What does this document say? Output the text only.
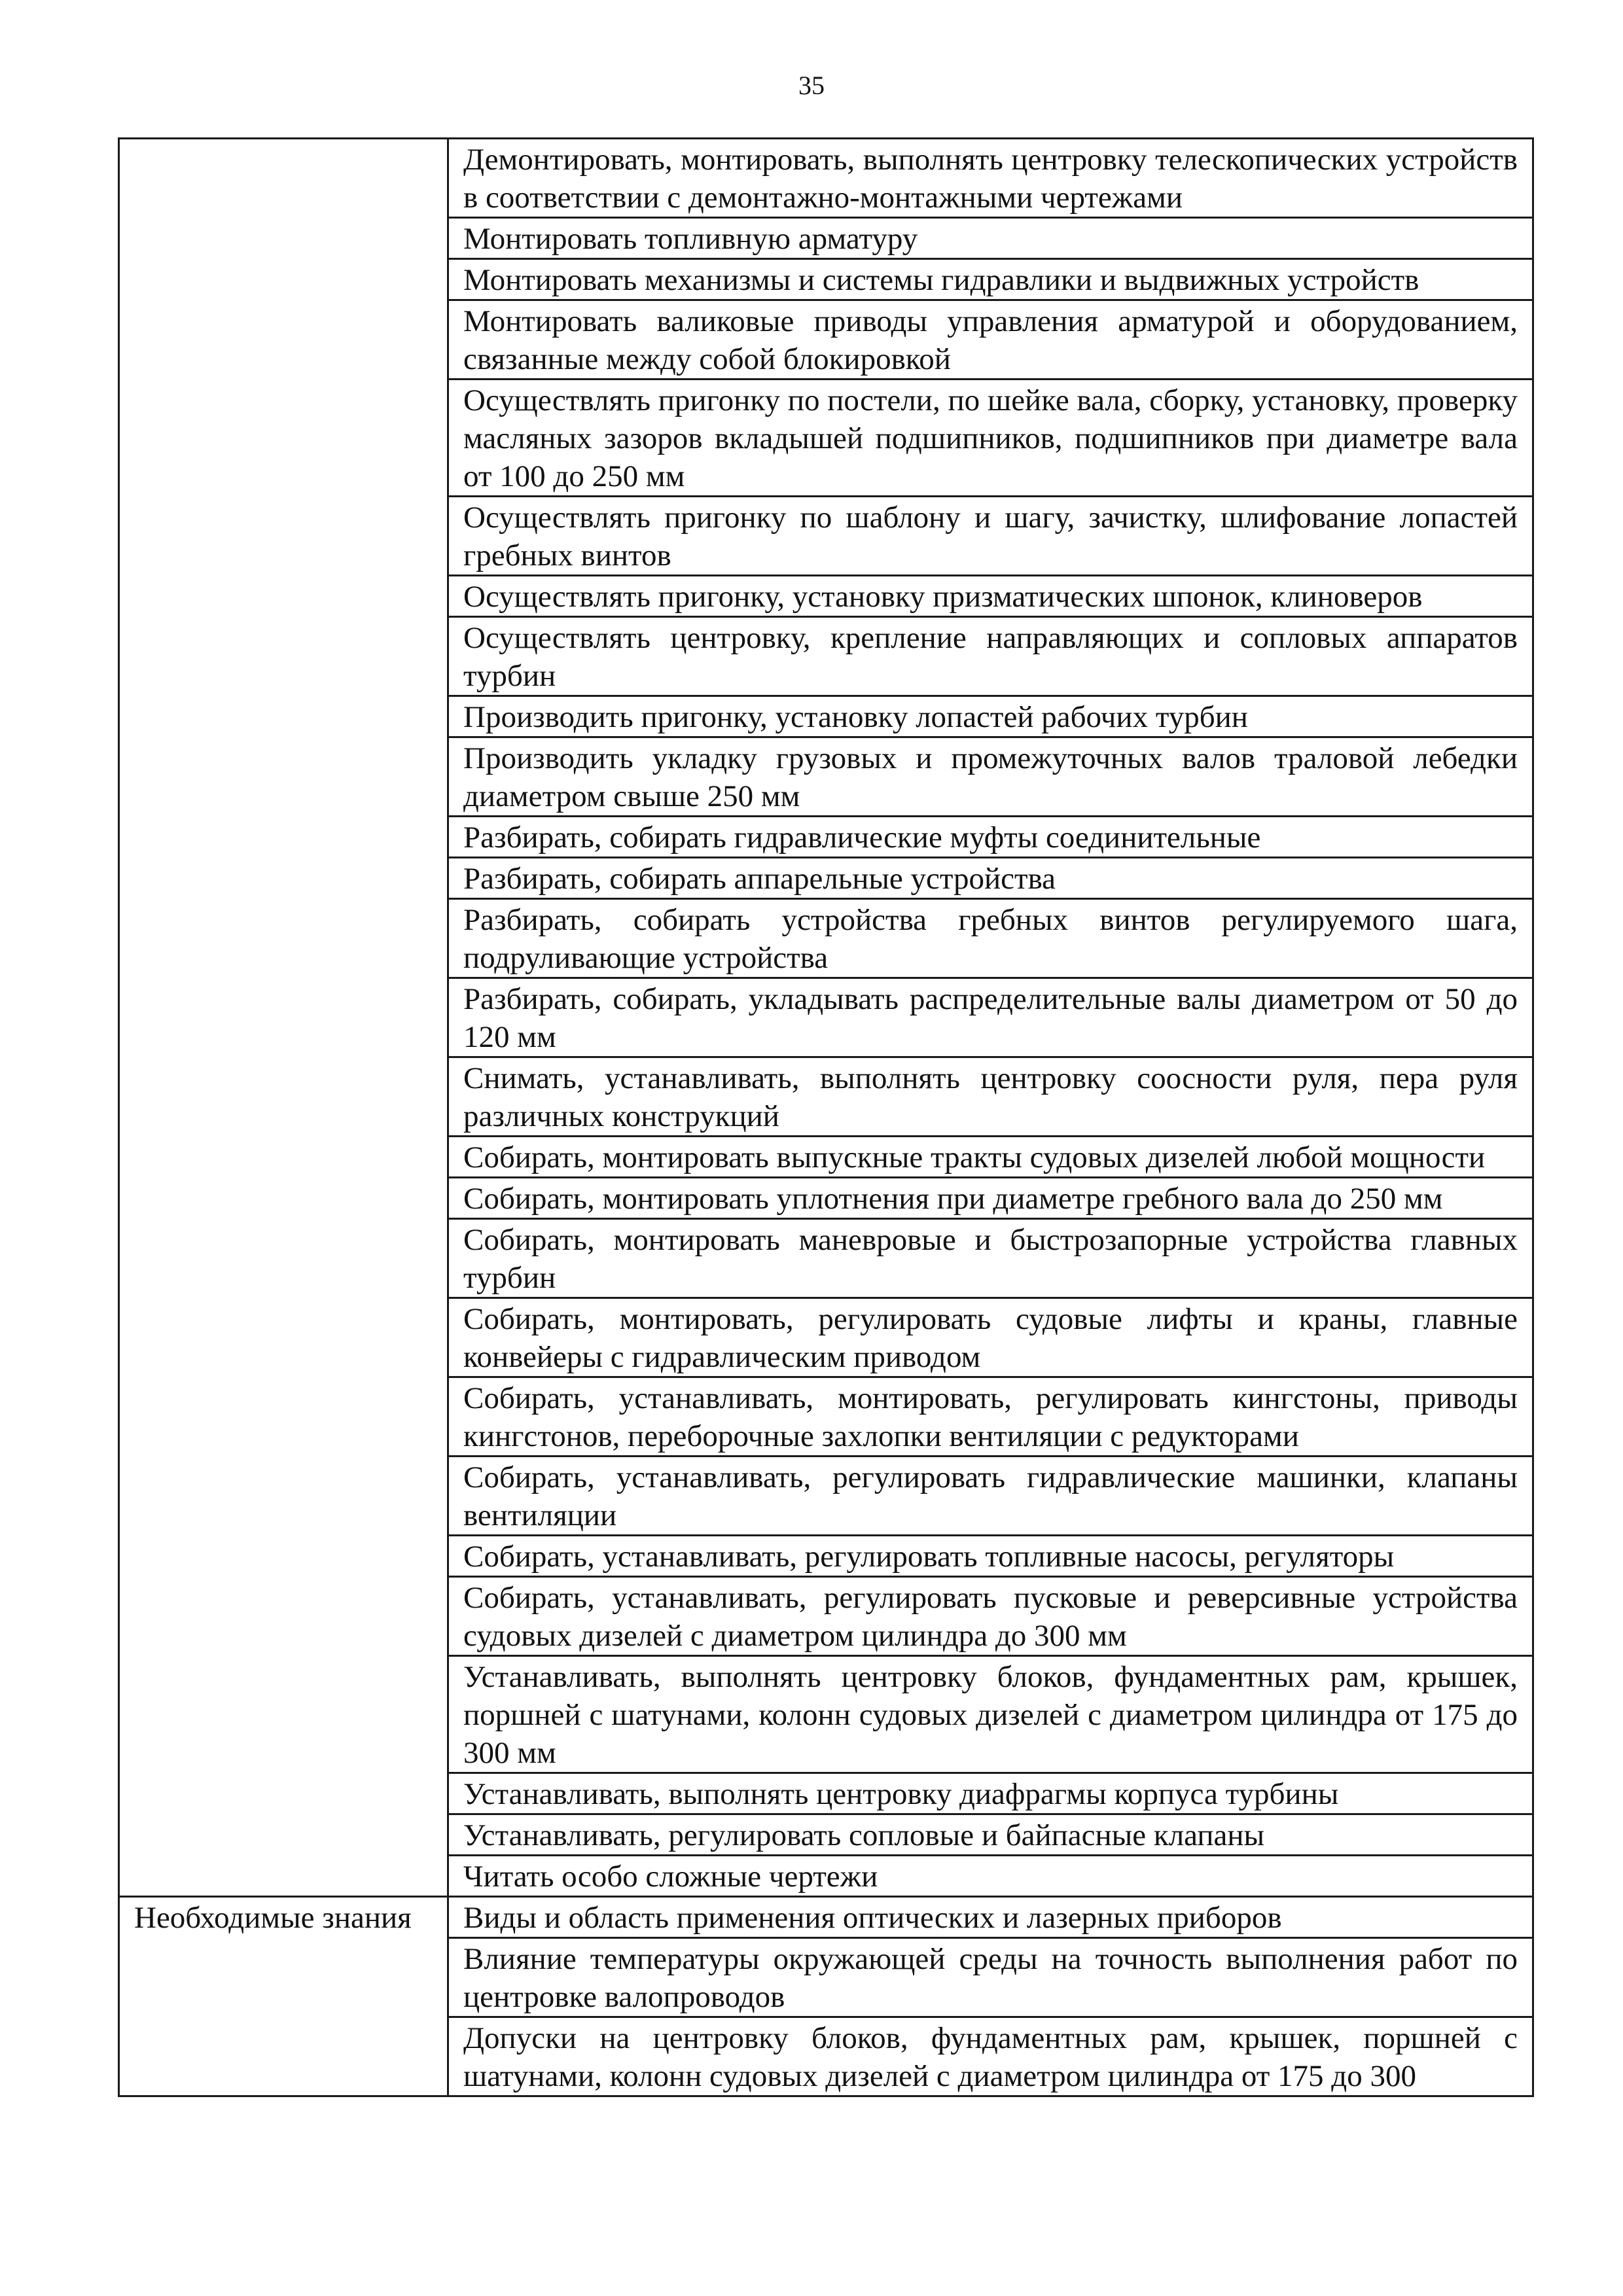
35
	Демонтировать, монтировать, выполнять центровку телескопических устройств в соответствии с демонтажно-монтажными чертежами
	Монтировать топливную арматуру
	Монтировать механизмы и системы гидравлики и выдвижных устройств
	Монтировать валиковые приводы управления арматурой и оборудованием, связанные между собой блокировкой
	Осуществлять пригонку по постели, по шейке вала, сборку, установку, проверку масляных зазоров вкладышей подшипников, подшипников при диаметре вала от 100 до 250 мм
	Осуществлять пригонку по шаблону и шагу, зачистку, шлифование лопастей гребных винтов
	Осуществлять пригонку, установку призматических шпонок, клиноверов
	Осуществлять центровку, крепление направляющих и сопловых аппаратов турбин
	Производить пригонку, установку лопастей рабочих турбин
	Производить укладку грузовых и промежуточных валов траловой лебедки диаметром свыше 250 мм
	Разбирать, собирать гидравлические муфты соединительные
	Разбирать, собирать аппарельные устройства
	Разбирать, собирать устройства гребных винтов регулируемого шага, подруливающие устройства
	Разбирать, собирать, укладывать распределительные валы диаметром от 50 до 120 мм
	Снимать, устанавливать, выполнять центровку соосности руля, пера руля различных конструкций
	Собирать, монтировать выпускные тракты судовых дизелей любой мощности
	Собирать, монтировать уплотнения при диаметре гребного вала до 250 мм
	Собирать, монтировать маневровые и быстрозапорные устройства главных турбин
	Собирать, монтировать, регулировать судовые лифты и краны, главные конвейеры с гидравлическим приводом
	Собирать, устанавливать, монтировать, регулировать кингстоны, приводы кингстонов, переборочные захлопки вентиляции с редукторами
	Собирать, устанавливать, регулировать гидравлические машинки, клапаны вентиляции
	Собирать, устанавливать, регулировать топливные насосы, регуляторы
	Собирать, устанавливать, регулировать пусковые и реверсивные устройства судовых дизелей с диаметром цилиндра до 300 мм
	Устанавливать, выполнять центровку блоков, фундаментных рам, крышек, поршней с шатунами, колонн судовых дизелей с диаметром цилиндра от 175 до 300 мм
	Устанавливать, выполнять центровку диафрагмы корпуса турбины
	Устанавливать, регулировать сопловые и байпасные клапаны
	Читать особо сложные чертежи
Необходимые знания	Виды и область применения оптических и лазерных приборов
	Влияние температуры окружающей среды на точность выполнения работ по центровке валопроводов
	Допуски на центровку блоков, фундаментных рам, крышек, поршней с шатунами, колонн судовых дизелей с диаметром цилиндра от 175 до 300
